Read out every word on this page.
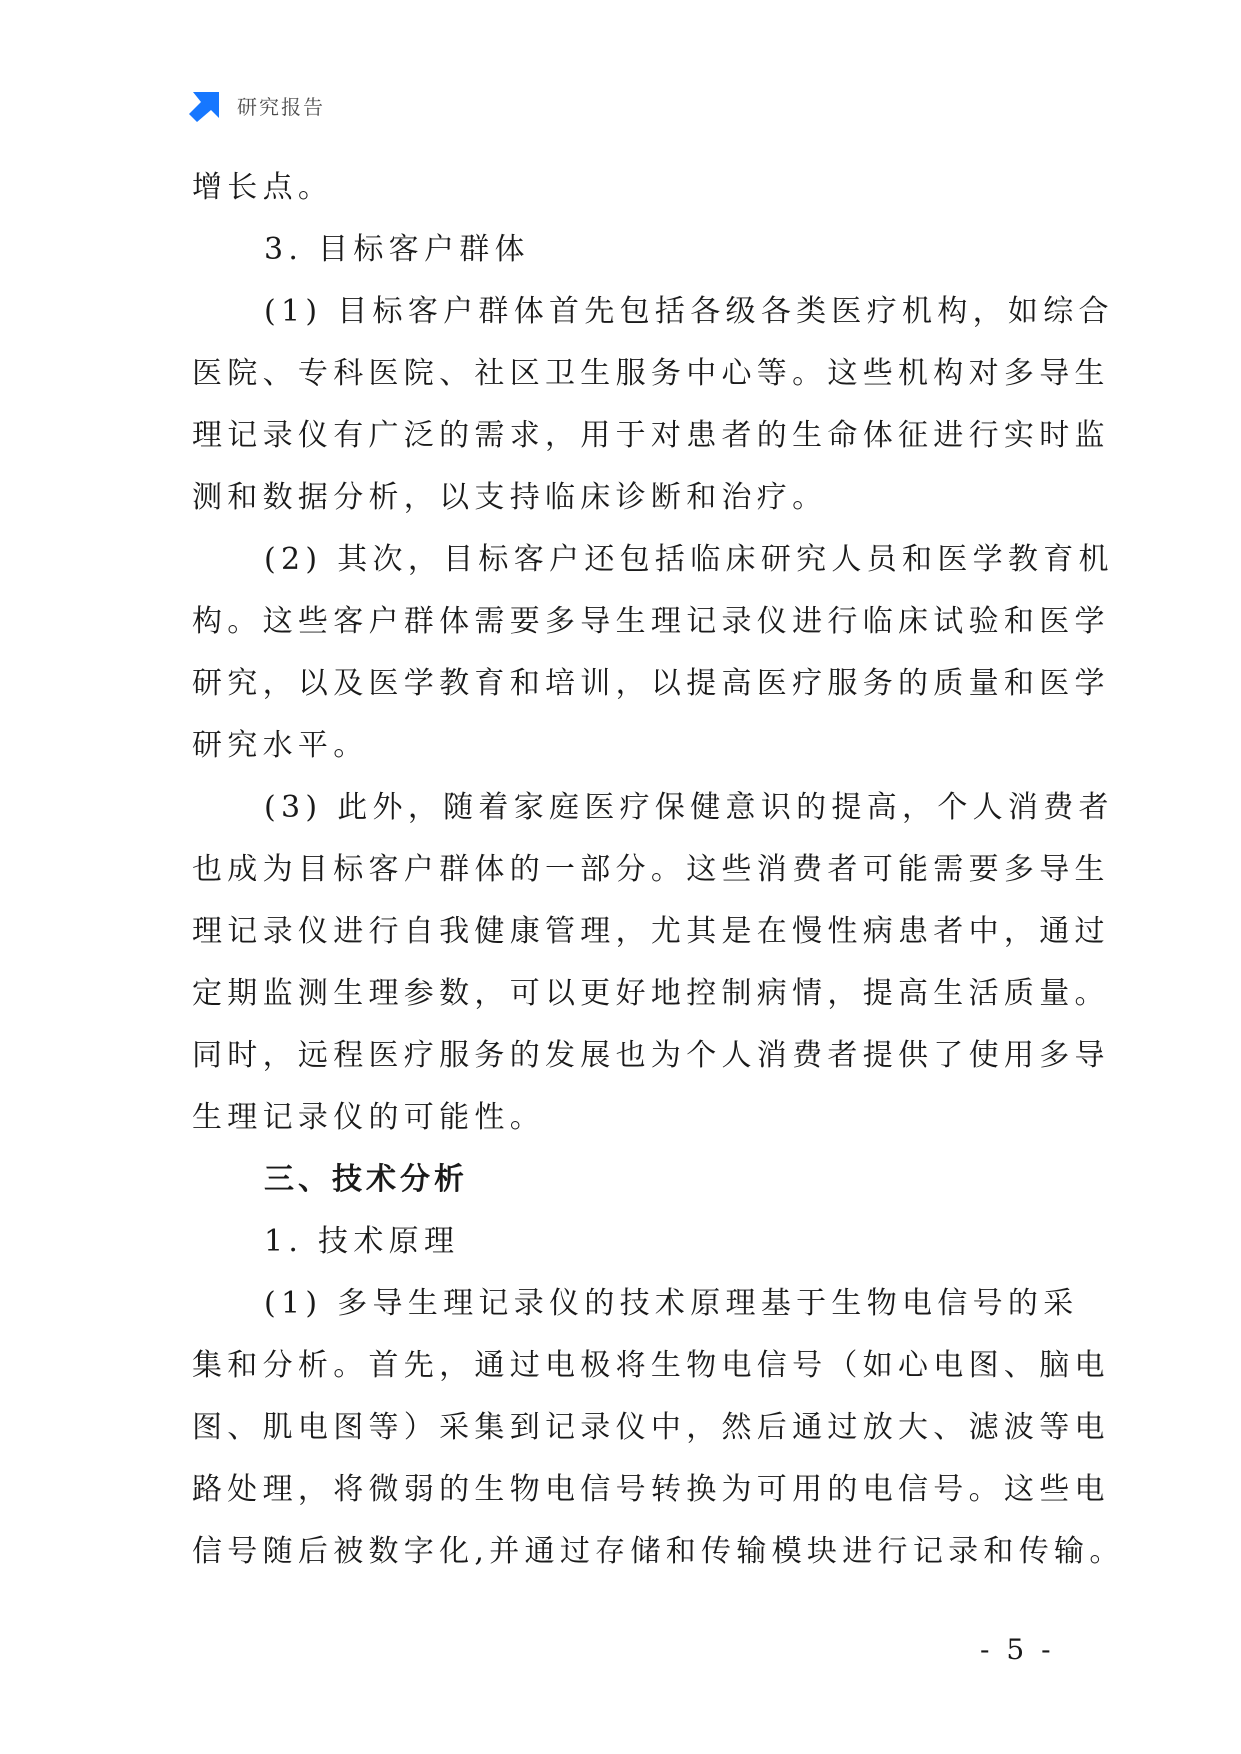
研究报告
增长点。
3. 目标客户群体
(1) 目标客户群体首先包括各级各类医疗机构，如综合
医院、专科医院、社区卫生服务中心等。这些机构对多导生
理记录仪有广泛的需求，用于对患者的生命体征进行实时监
测和数据分析，以支持临床诊断和治疗。
(2) 其次，目标客户还包括临床研究人员和医学教育机
构。这些客户群体需要多导生理记录仪进行临床试验和医学
研究，以及医学教育和培训，以提高医疗服务的质量和医学
研究水平。
(3) 此外，随着家庭医疗保健意识的提高，个人消费者
也成为目标客户群体的一部分。这些消费者可能需要多导生
理记录仪进行自我健康管理，尤其是在慢性病患者中，通过
定期监测生理参数，可以更好地控制病情，提高生活质量。
同时，远程医疗服务的发展也为个人消费者提供了使用多导
生理记录仪的可能性。
三、技术分析
1. 技术原理
(1) 多导生理记录仪的技术原理基于生物电信号的采
集和分析。首先，通过电极将生物电信号（如心电图、脑电
图、肌电图等）采集到记录仪中，然后通过放大、滤波等电
路处理，将微弱的生物电信号转换为可用的电信号。这些电
信号随后被数字化,并通过存储和传输模块进行记录和传输。
- 5 -
